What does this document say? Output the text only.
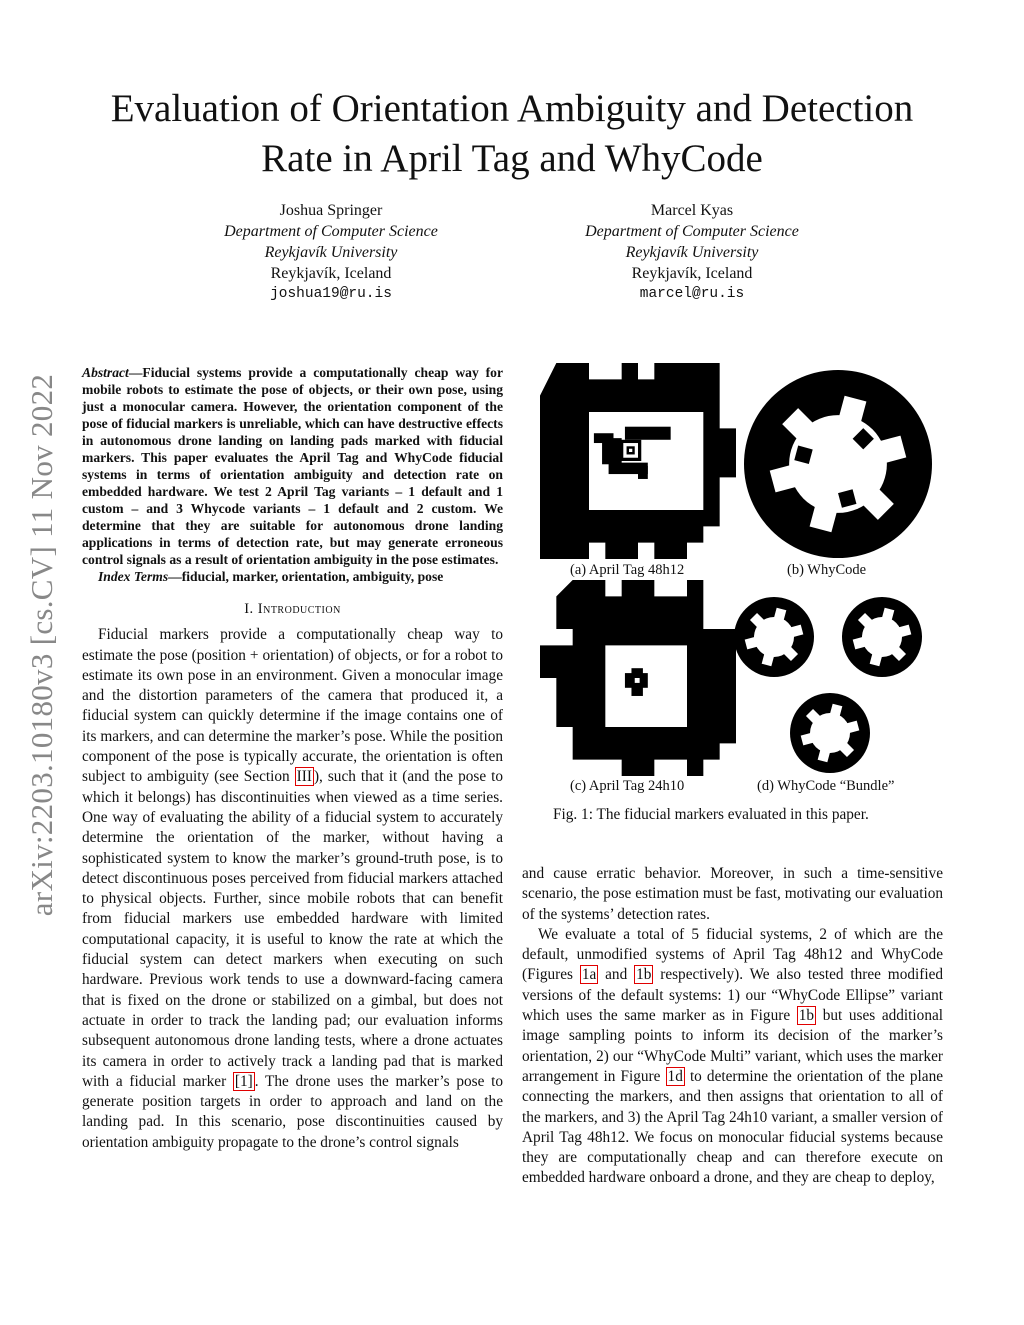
Evaluation of Orientation Ambiguity and Detection
Rate in April Tag and WhyCode
Joshua Springer
Department of Computer Science
Reykjavík University
Reykjavík, Iceland
joshua19@ru.is
Marcel Kyas
Department of Computer Science
Reykjavík University
Reykjavík, Iceland
marcel@ru.is
arXiv:2203.10180v3 [cs.CV] 11 Nov 2022

Abstract—Fiducial systems provide a computationally cheap way for mobile robots to estimate the pose of objects, or their own pose, using just a monocular camera. However, the orientation component of the pose of fiducial markers is unreliable, which can have destructive effects in autonomous drone landing on landing pads marked with fiducial markers. This paper evaluates the April Tag and WhyCode fiducial systems in terms of orientation ambiguity and detection rate on embedded hardware. We test 2 April Tag variants – 1 default and 1 custom – and 3 Whycode variants – 1 default and 2 custom. We determine that they are suitable for autonomous drone landing applications in terms of detection rate, but may generate erroneous control signals as a result of orientation ambiguity in the pose estimates.

Index Terms—fiducial, marker, orientation, ambiguity, pose

I. Introduction

Fiducial markers provide a computationally cheap way to estimate the pose (position + orientation) of objects, or for a robot to estimate its own pose in an environment. Given a monocular image and the distortion parameters of the camera that produced it, a fiducial system can quickly determine if the image contains one of its markers, and can determine the marker’s pose. While the position component of the pose is typically accurate, the orientation is often subject to ambiguity (see Section III ), such that it (and the pose to which it belongs) has discontinuities when viewed as a time series. One way of evaluating the ability of a fiducial system to accurately determine the orientation of the marker, without having a sophisticated system to know the marker’s ground-truth pose, is to detect discontinuous poses perceived from fiducial markers attached to physical objects. Further, since mobile robots that can benefit from fiducial markers use embedded hardware with limited computational capacity, it is useful to know the rate at which the fiducial system can detect markers when executing on such hardware. Previous work tends to use a downward-facing camera that is fixed on the drone or stabilized on a gimbal, but does not actuate in order to track the landing pad; our evaluation informs subsequent autonomous drone landing tests, where a drone actuates its camera in order to actively track a landing pad that is marked with a fiducial marker [1] . The drone uses the marker’s pose to generate position targets in order to approach and land on the landing pad. In this scenario, pose discontinuities caused by orientation ambiguity propagate to the drone’s control signals

(a) April Tag 48h12	(b) WhyCode
(c) April Tag 24h10	(d) WhyCode “Bundle”
Fig. 1: The fiducial markers evaluated in this paper.

and cause erratic behavior. Moreover, in such a time-sensitive scenario, the pose estimation must be fast, motivating our evaluation of the systems’ detection rates.

We evaluate a total of 5 fiducial systems, 2 of which are the default, unmodified systems of April Tag 48h12 and WhyCode (Figures 1a and 1b respectively). We also tested three modified versions of the default systems: 1) our “WhyCode Ellipse” variant which uses the same marker as in Figure 1b but uses additional image sampling points to inform its decision of the marker’s orientation, 2) our “WhyCode Multi” variant, which uses the marker arrangement in Figure 1d to determine the orientation of the plane connecting the markers, and then assigns that orientation to all of the markers, and 3) the April Tag 24h10 variant, a smaller version of April Tag 48h12. We focus on monocular fiducial systems because they are computationally cheap and can therefore execute on embedded hardware onboard a drone, and they are cheap to deploy,
